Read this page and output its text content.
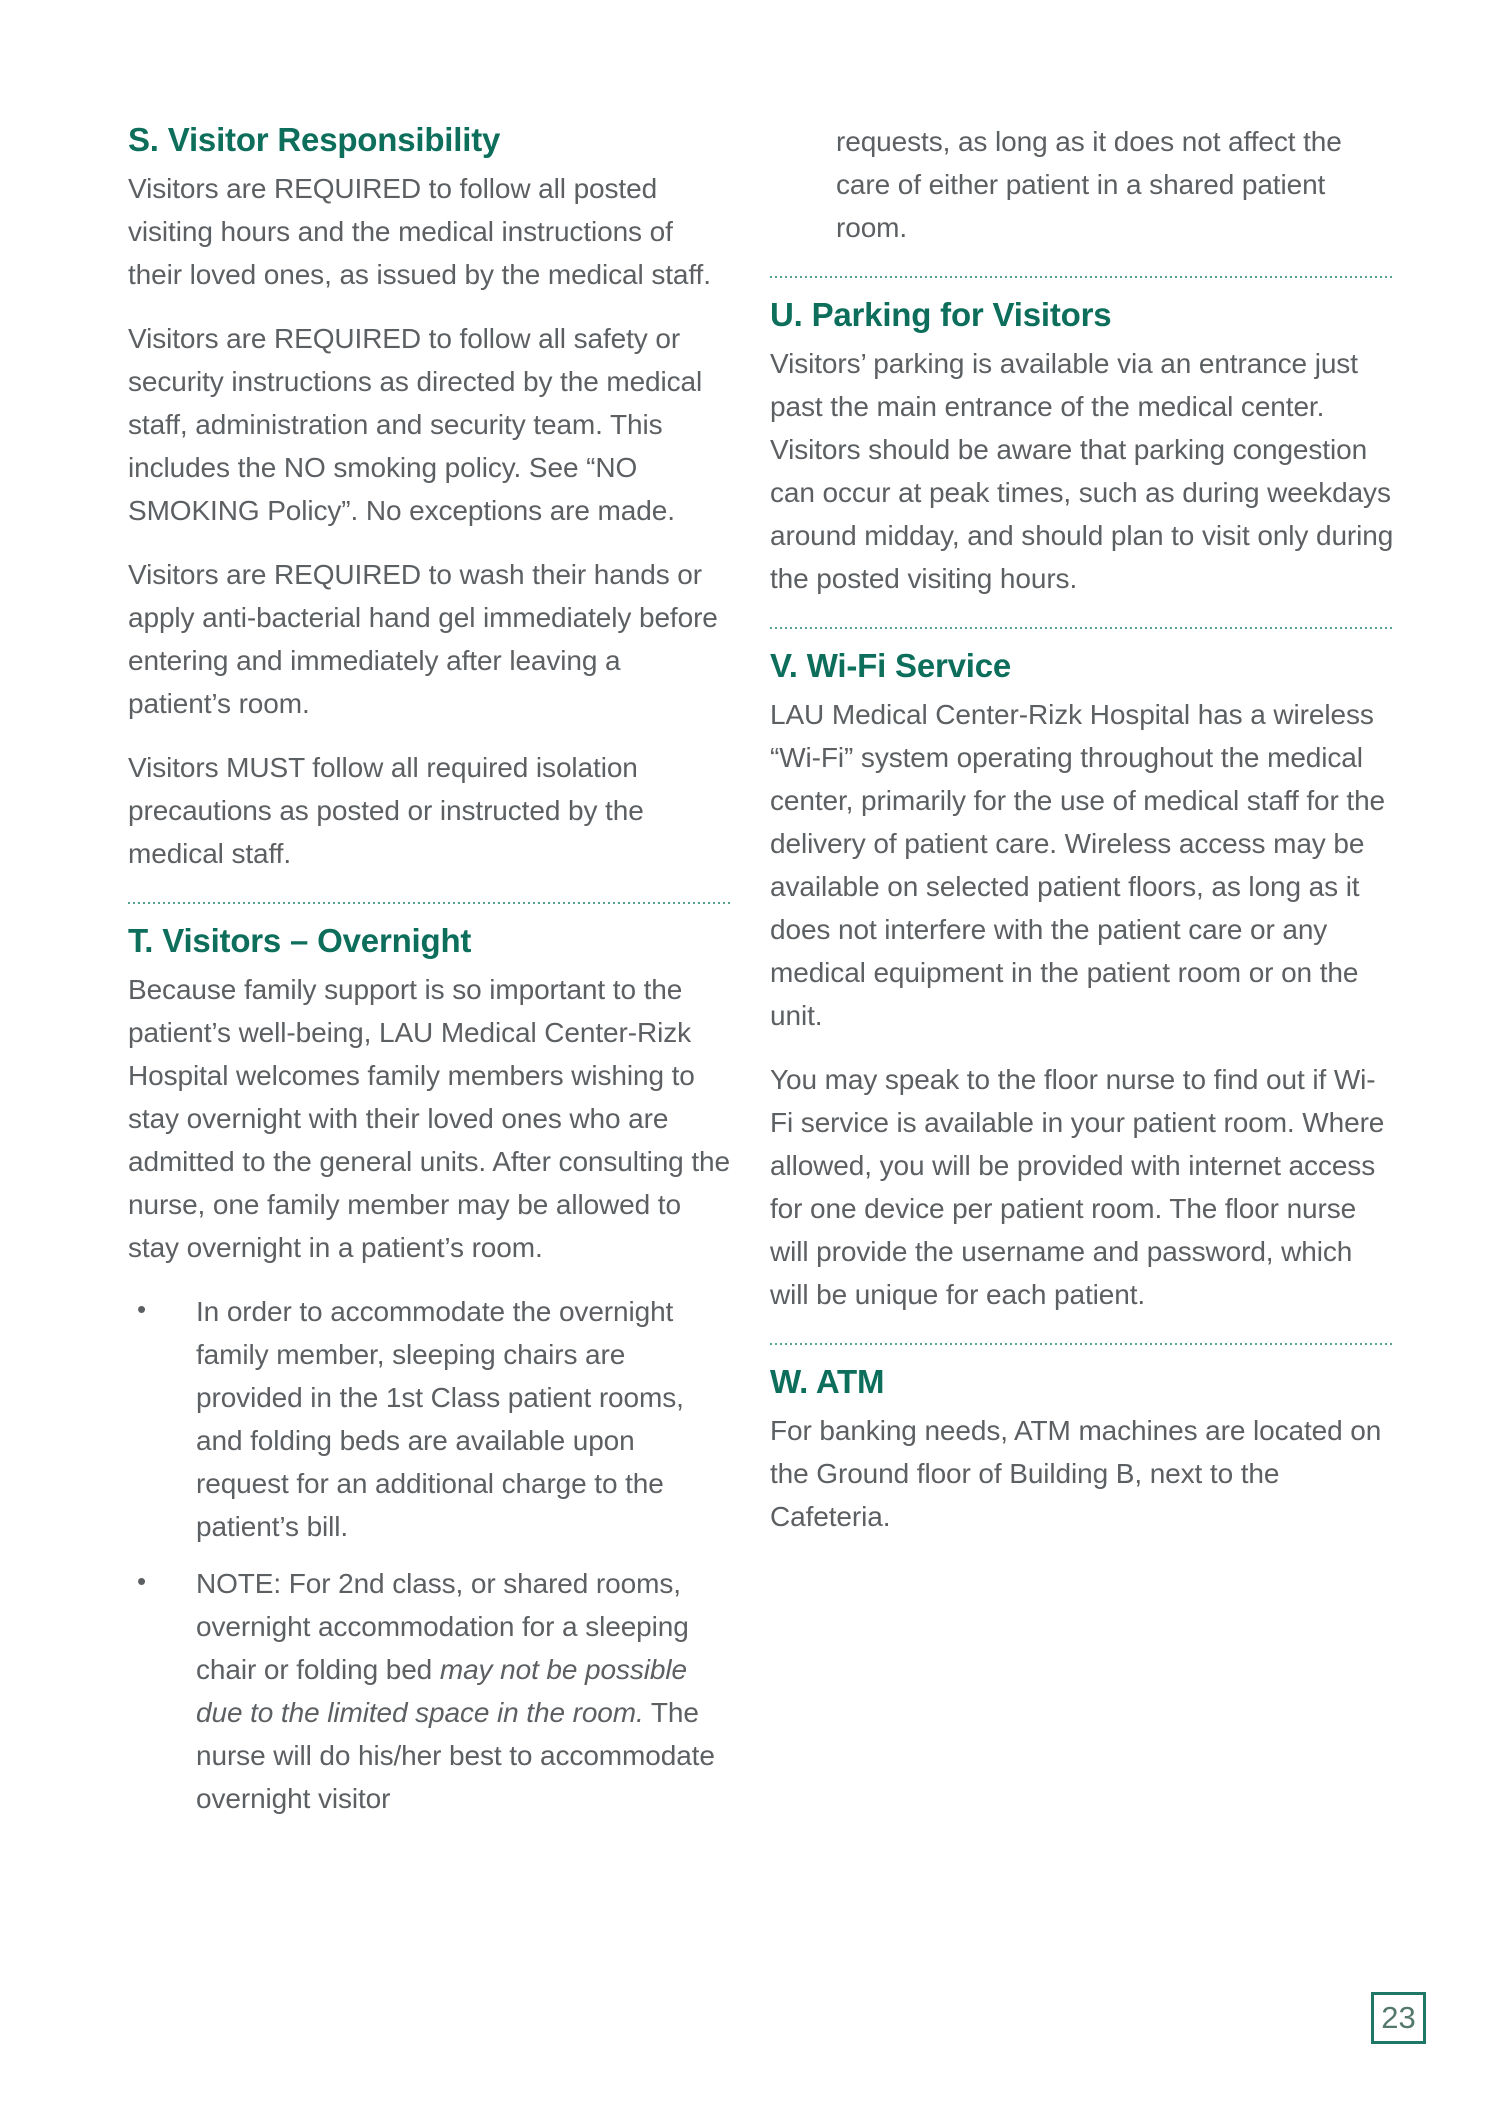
S. Visitor Responsibility

Visitors are REQUIRED to follow all posted visiting hours and the medical instructions of their loved ones, as issued by the medical staff.

Visitors are REQUIRED to follow all safety or security instructions as directed by the medical staff, administration and security team. This includes the NO smoking policy. See “NO SMOKING Policy”. No exceptions are made.

Visitors are REQUIRED to wash their hands or apply anti-bacterial hand gel immediately before entering and immediately after leaving a patient’s room.

Visitors MUST follow all required isolation precautions as posted or instructed by the medical staff.

T. Visitors – Overnight

Because family support is so important to the patient’s well-being, LAU Medical Center-Rizk Hospital welcomes family members wishing to stay overnight with their loved ones who are admitted to the general units. After consulting the nurse, one family member may be allowed to stay overnight in a patient’s room.

• In order to accommodate the overnight family member, sleeping chairs are provided in the 1st Class patient rooms, and folding beds are available upon request for an additional charge to the patient’s bill.
• NOTE: For 2nd class, or shared rooms, overnight accommodation for a sleeping chair or folding bed may not be possible due to the limited space in the room. The nurse will do his/her best to accommodate overnight visitor

requests, as long as it does not affect the care of either patient in a shared patient room.

U. Parking for Visitors

Visitors’ parking is available via an entrance just past the main entrance of the medical center. Visitors should be aware that parking congestion can occur at peak times, such as during weekdays around midday, and should plan to visit only during the posted visiting hours.

V. Wi-Fi Service

LAU Medical Center-Rizk Hospital has a wireless “Wi-Fi” system operating throughout the medical center, primarily for the use of medical staff for the delivery of patient care. Wireless access may be available on selected patient floors, as long as it does not interfere with the patient care or any medical equipment in the patient room or on the unit.

You may speak to the floor nurse to find out if Wi-Fi service is available in your patient room. Where allowed, you will be provided with internet access for one device per patient room. The floor nurse will provide the username and password, which will be unique for each patient.

W. ATM

For banking needs, ATM machines are located on the Ground floor of Building B, next to the Cafeteria.

23
